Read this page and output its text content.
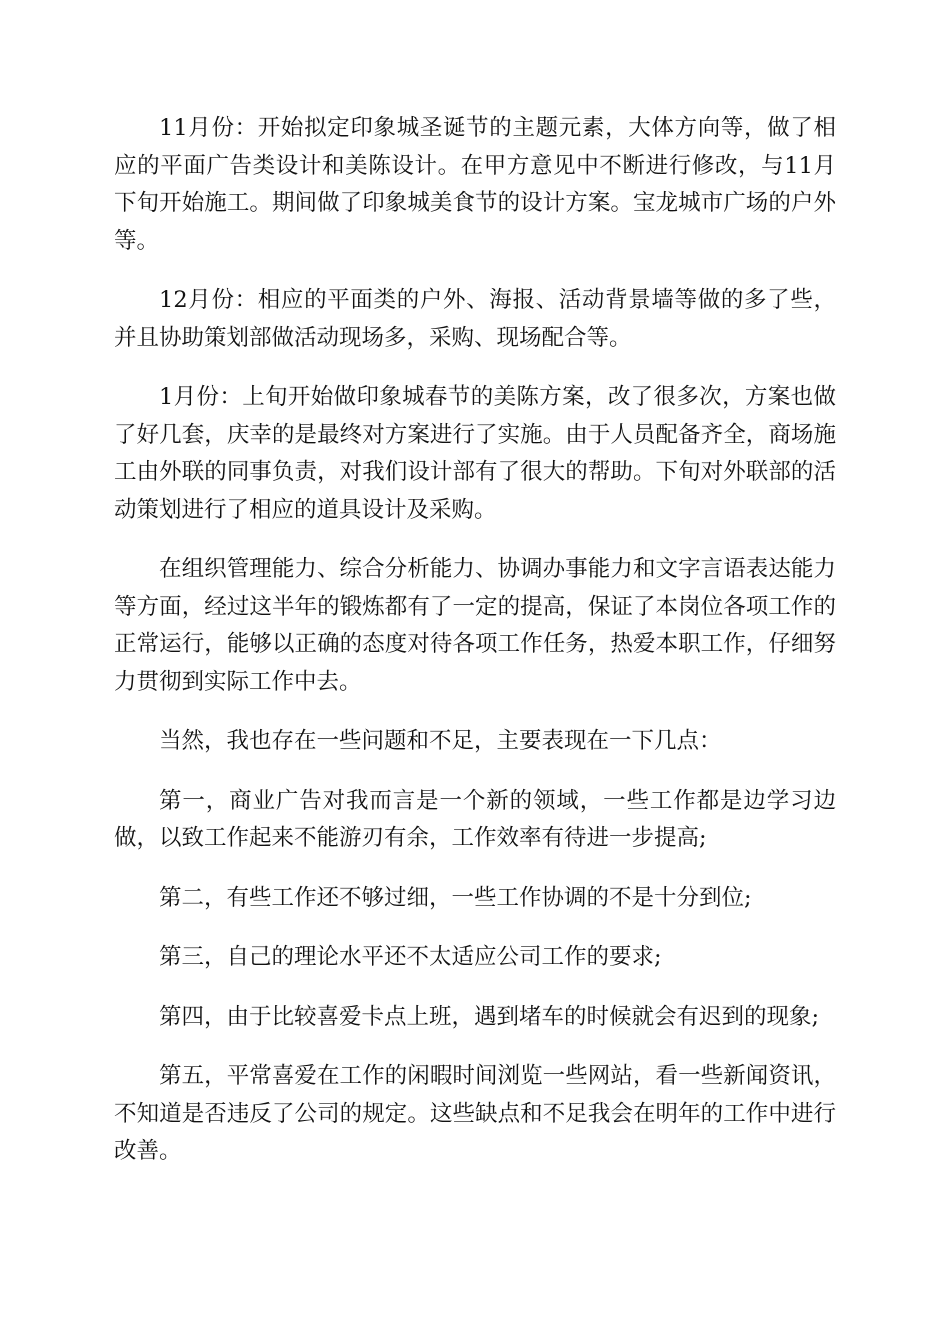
11月份：开始拟定印象城圣诞节的主题元素，大体方向等，做了相应的平面广告类设计和美陈设计。在甲方意见中不断进行修改，与11月下旬开始施工。期间做了印象城美食节的设计方案。宝龙城市广场的户外等。

12月份：相应的平面类的户外、海报、活动背景墙等做的多了些，并且协助策划部做活动现场多，采购、现场配合等。

1月份：上旬开始做印象城春节的美陈方案，改了很多次，方案也做了好几套，庆幸的是最终对方案进行了实施。由于人员配备齐全，商场施工由外联的同事负责，对我们设计部有了很大的帮助。下旬对外联部的活动策划进行了相应的道具设计及采购。

在组织管理能力、综合分析能力、协调办事能力和文字言语表达能力等方面，经过这半年的锻炼都有了一定的提高，保证了本岗位各项工作的正常运行，能够以正确的态度对待各项工作任务，热爱本职工作，仔细努力贯彻到实际工作中去。

当然，我也存在一些问题和不足，主要表现在一下几点：

第一，商业广告对我而言是一个新的领域，一些工作都是边学习边做，以致工作起来不能游刃有余，工作效率有待进一步提高;

第二，有些工作还不够过细，一些工作协调的不是十分到位;

第三，自己的理论水平还不太适应公司工作的要求;

第四，由于比较喜爱卡点上班，遇到堵车的时候就会有迟到的现象;

第五，平常喜爱在工作的闲暇时间浏览一些网站，看一些新闻资讯，不知道是否违反了公司的规定。这些缺点和不足我会在明年的工作中进行改善。
